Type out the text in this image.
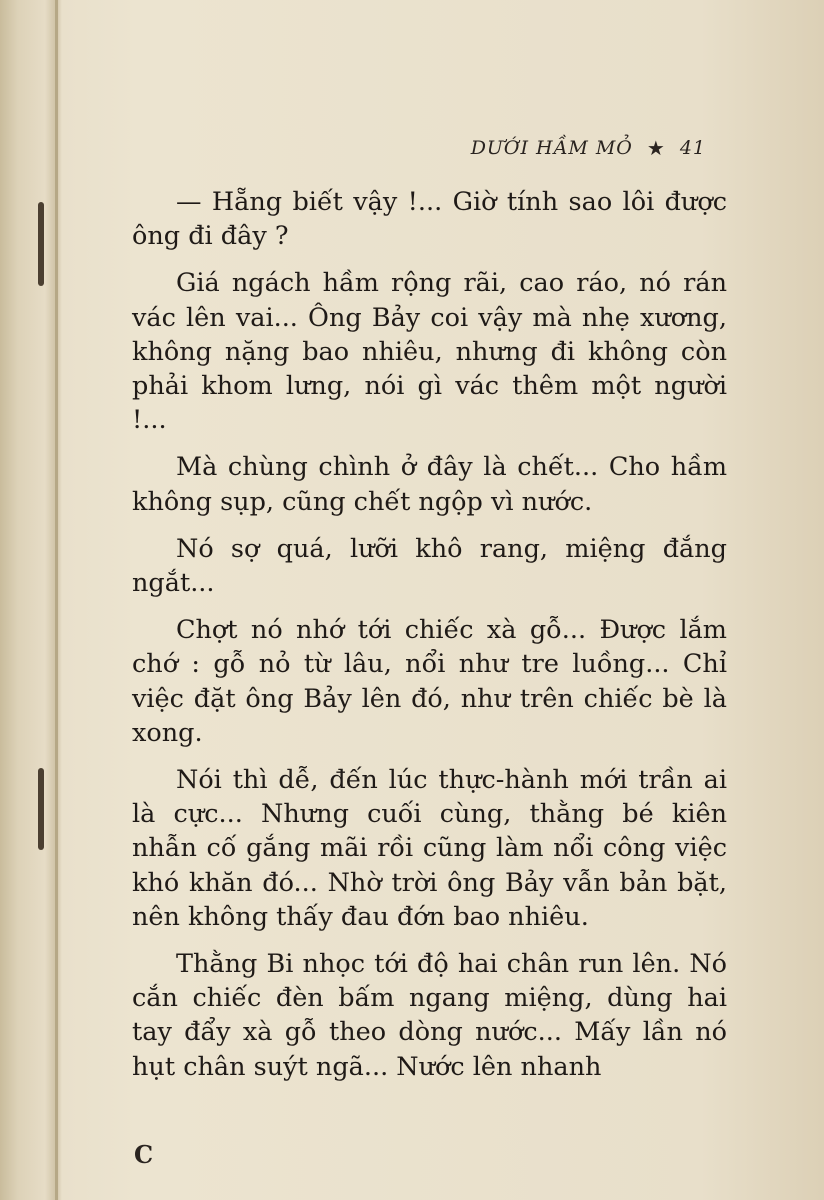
DƯỚI HẦM MỎ ★ 41

— Hẵng biết vậy !... Giờ tính sao lôi được ông đi đây ?

Giá ngách hầm rộng rãi, cao ráo, nó rán vác lên vai... Ông Bảy coi vậy mà nhẹ xương, không nặng bao nhiêu, nhưng đi không còn phải khom lưng, nói gì vác thêm một người !...

Mà chùng chình ở đây là chết... Cho hầm không sụp, cũng chết ngộp vì nước.

Nó sợ quá, lưỡi khô rang, miệng đắng ngắt...

Chợt nó nhớ tới chiếc xà gỗ... Được lắm chớ : gỗ nỏ từ lâu, nổi như tre luồng... Chỉ việc đặt ông Bảy lên đó, như trên chiếc bè là xong.

Nói thì dễ, đến lúc thực-hành mới trần ai là cực... Nhưng cuối cùng, thằng bé kiên nhẫn cố gắng mãi rồi cũng làm nổi công việc khó khăn đó... Nhờ trời ông Bảy vẫn bản bặt, nên không thấy đau đớn bao nhiêu.

Thằng Bi nhọc tới độ hai chân run lên. Nó cắn chiếc đèn bấm ngang miệng, dùng hai tay đẩy xà gỗ theo dòng nước... Mấy lần nó hụt chân suýt ngã... Nước lên nhanh

C
